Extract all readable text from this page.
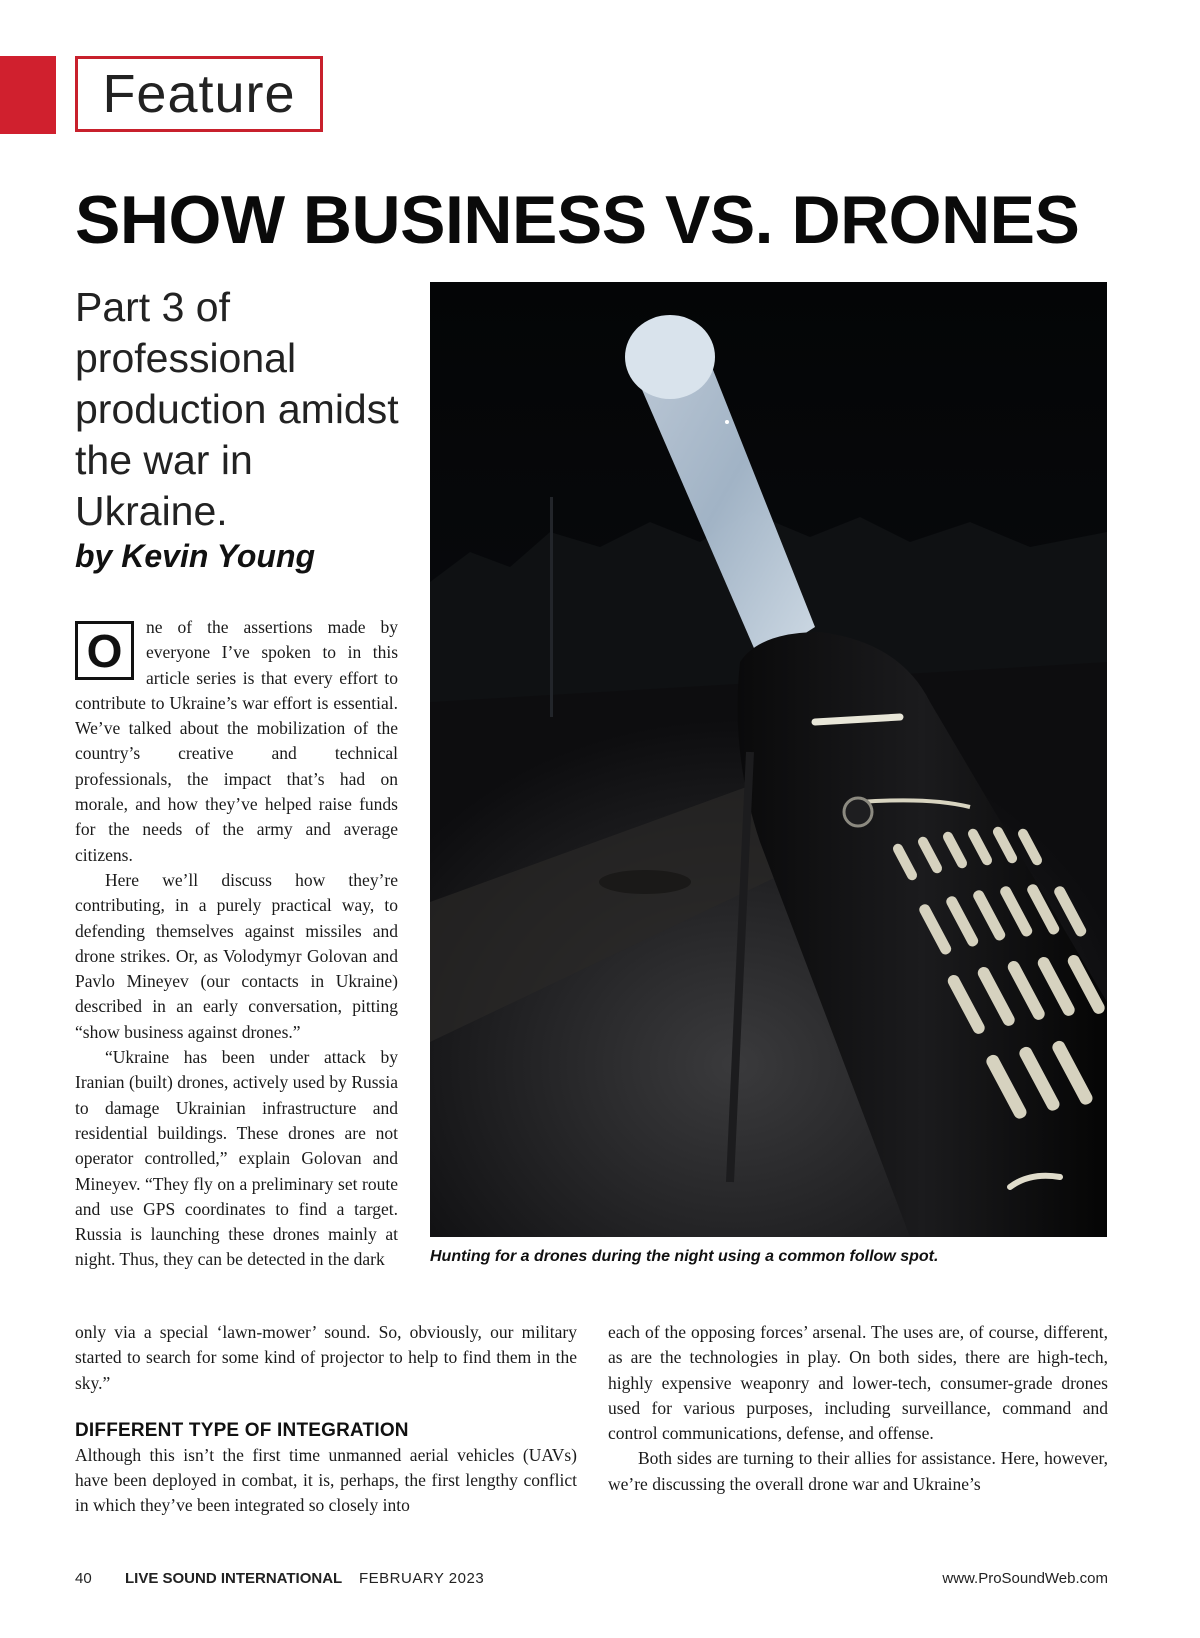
Feature
SHOW BUSINESS VS. DRONES
Part 3 of professional production amidst the war in Ukraine.
by Kevin Young
Hunting for a drones during the night using a common follow spot.

O	ne of the assertions made by everyone I’ve spoken to in this article series is that every effort to contribute to Ukraine’s war effort is essential. We’ve talked about the mobilization of the country’s creative and technical professionals, the impact that’s had on morale, and how they’ve helped raise funds for the needs of the army and average citizens.

Here we’ll discuss how they’re contributing, in a purely practical way, to defending themselves against missiles and drone strikes. Or, as Volodymyr Golovan and Pavlo Mineyev (our contacts in Ukraine) described in an early conversation, pitting “show business against drones.”

“Ukraine has been under attack by Iranian (built) drones, actively used by Russia to damage Ukrainian infrastructure and residential buildings. These drones are not operator controlled,” explain Golovan and Mineyev. “They fly on a preliminary set route and use GPS coordinates to find a target. Russia is launching these drones mainly at night. Thus, they can be detected in the dark

only via a special ‘lawn-mower’ sound. So, obviously, our military started to search for some kind of projector to help to find them in the sky.”

DIFFERENT TYPE OF INTEGRATION

Although this isn’t the first time unmanned aerial vehicles (UAVs) have been deployed in combat, it is, perhaps, the first lengthy conflict in which they’ve been integrated so closely into

each of the opposing forces’ arsenal. The uses are, of course, different, as are the technologies in play. On both sides, there are high-tech, highly expensive weaponry and lower-tech, consumer-grade drones used for various purposes, including surveillance, command and control communications, defense, and offense.

Both sides are turning to their allies for assistance. Here, however, we’re discussing the overall drone war and Ukraine’s

40 LIVE SOUND INTERNATIONAL FEBRUARY 2023	www.ProSoundWeb.com
